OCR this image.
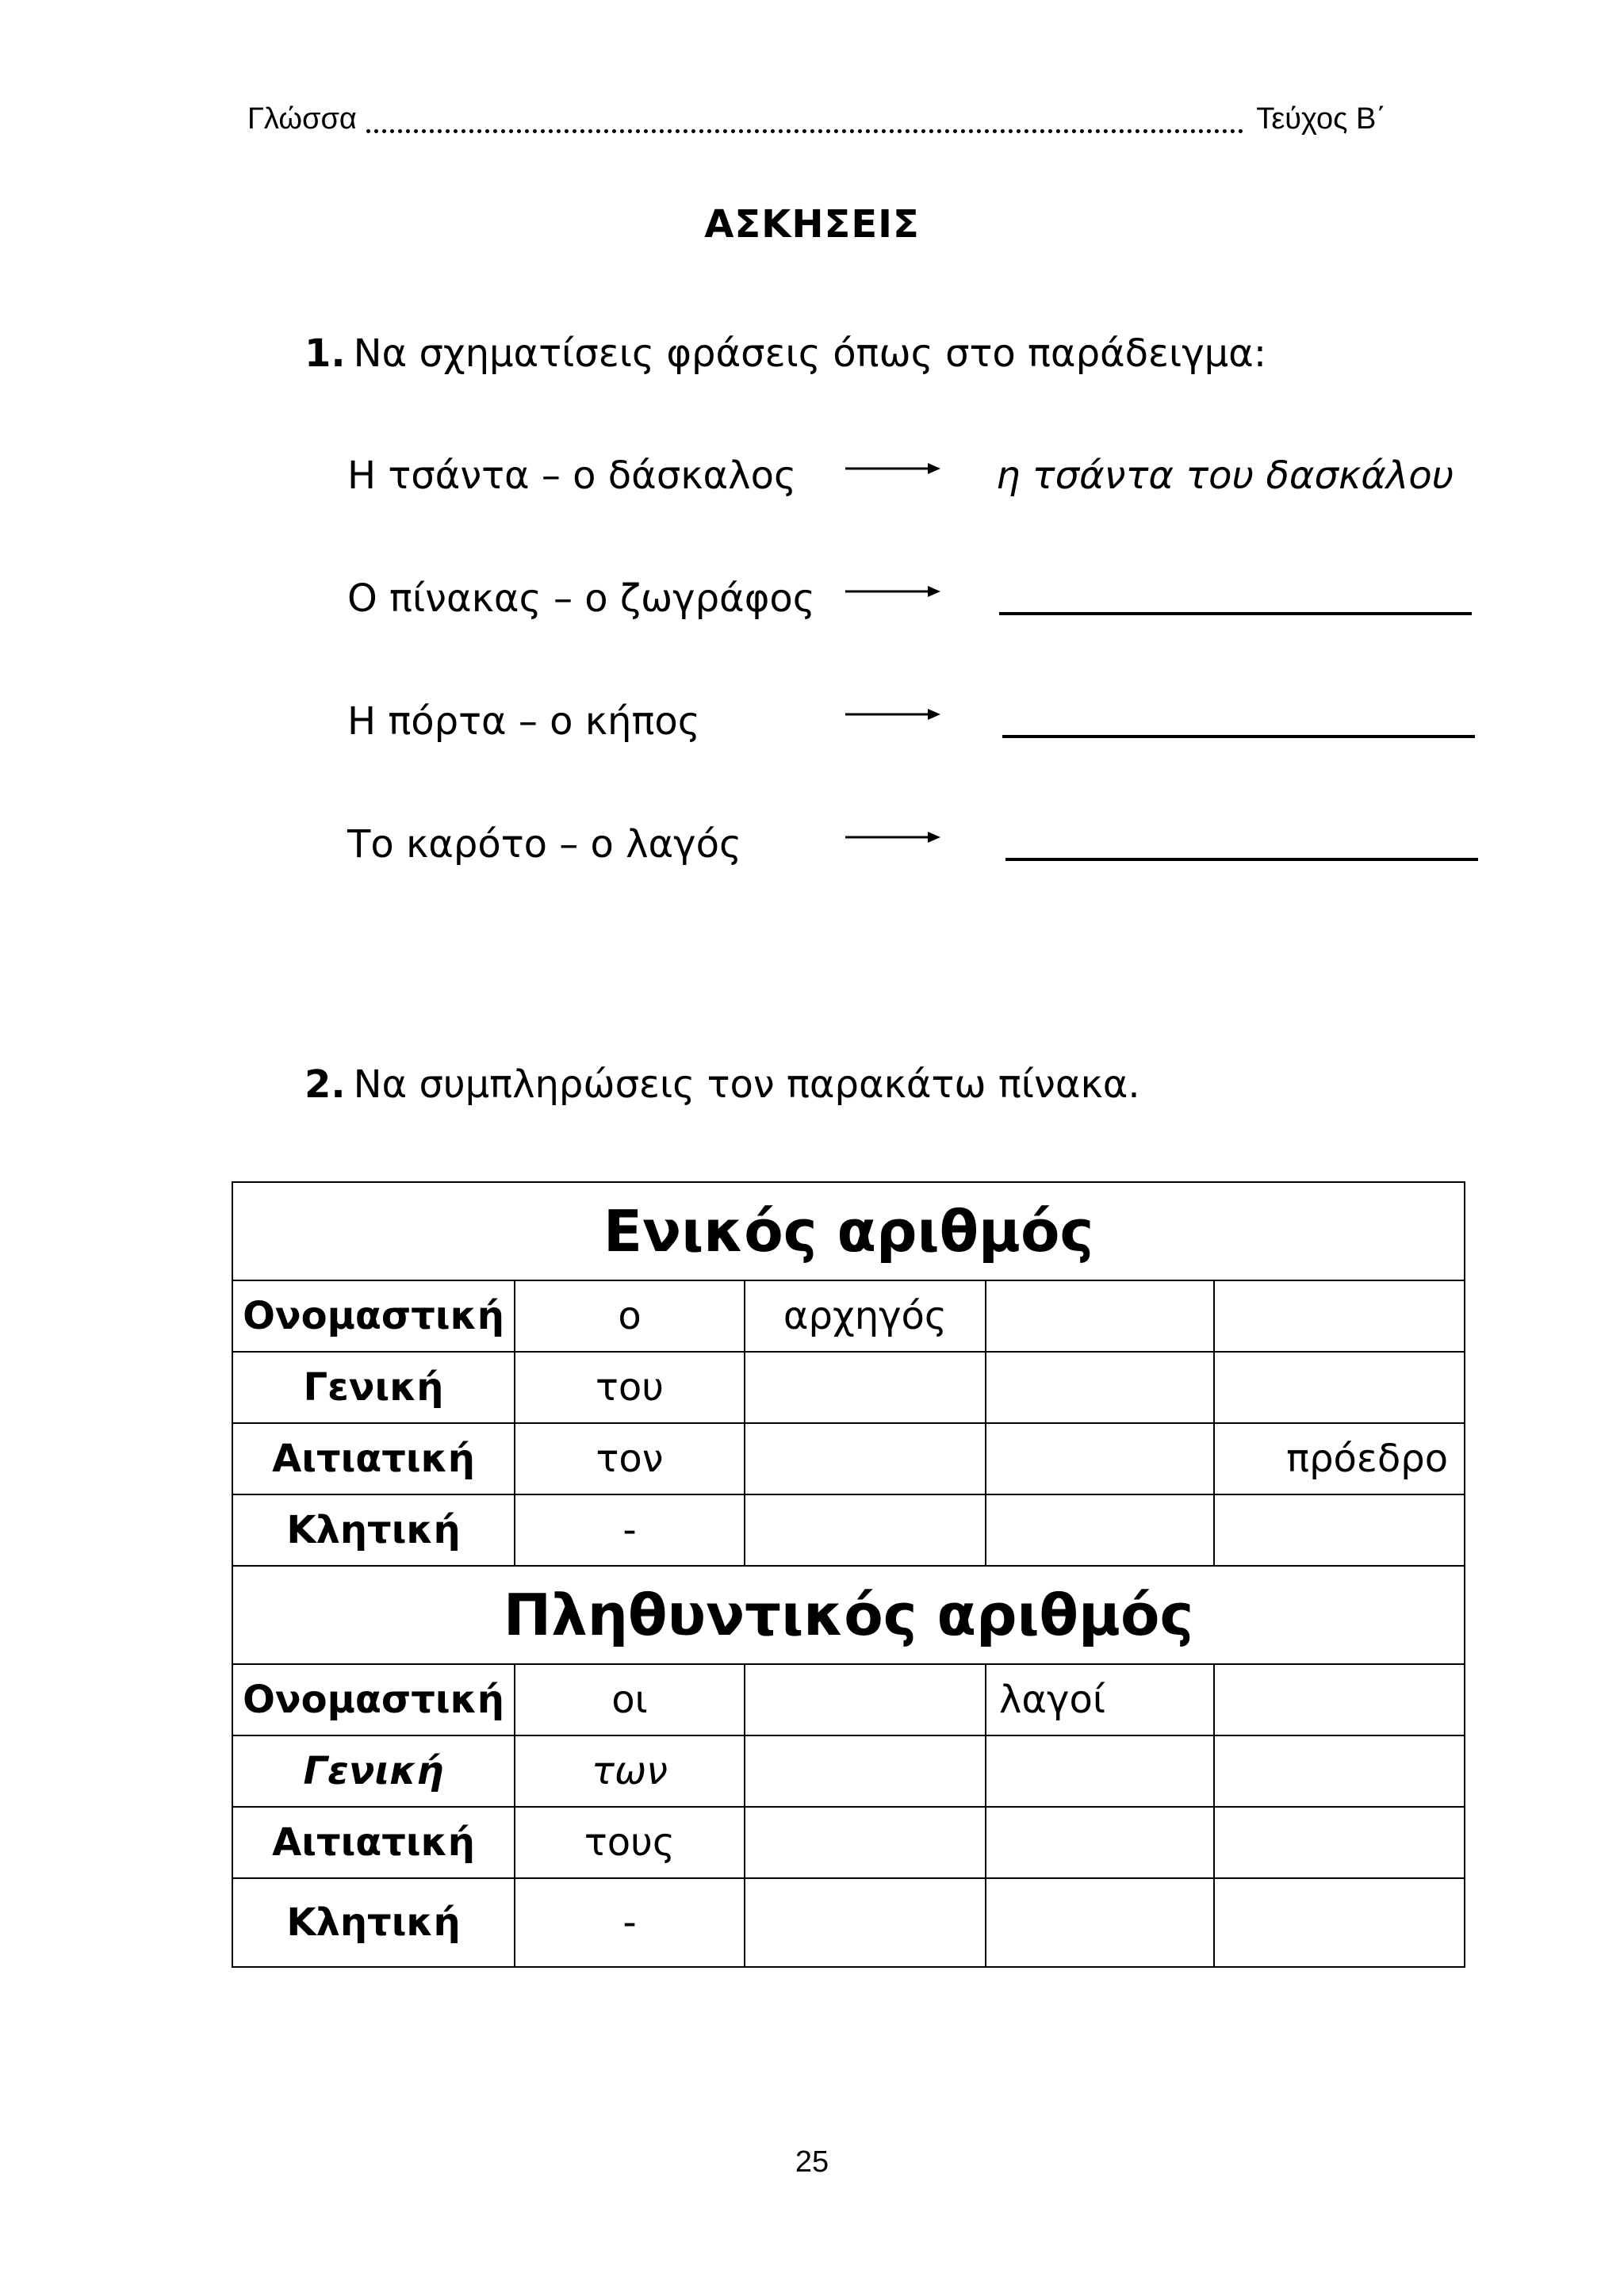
Γλώσσα	Τεύχος Β΄
ΑΣΚΗΣΕΙΣ
1. Να σχηματίσεις φράσεις όπως στο παράδειγμα:
Η τσάντα – ο δάσκαλος	η τσάντα του δασκάλου
Ο πίνακας – ο ζωγράφος
Η πόρτα – ο κήπος
Το καρότο – ο λαγός
2. Να συμπληρώσεις τον παρακάτω πίνακα.
Ενικός αριθμός				
Ονομαστική	ο	αρχηγός		
Γενική	του			
Αιτιατική	τον			πρόεδρο
Κλητική	-			
Πληθυντικός αριθμός				
Ονομαστική	οι		λαγοί	
Γενική	των			
Αιτιατική	τους			
Κλητική	-			
25
